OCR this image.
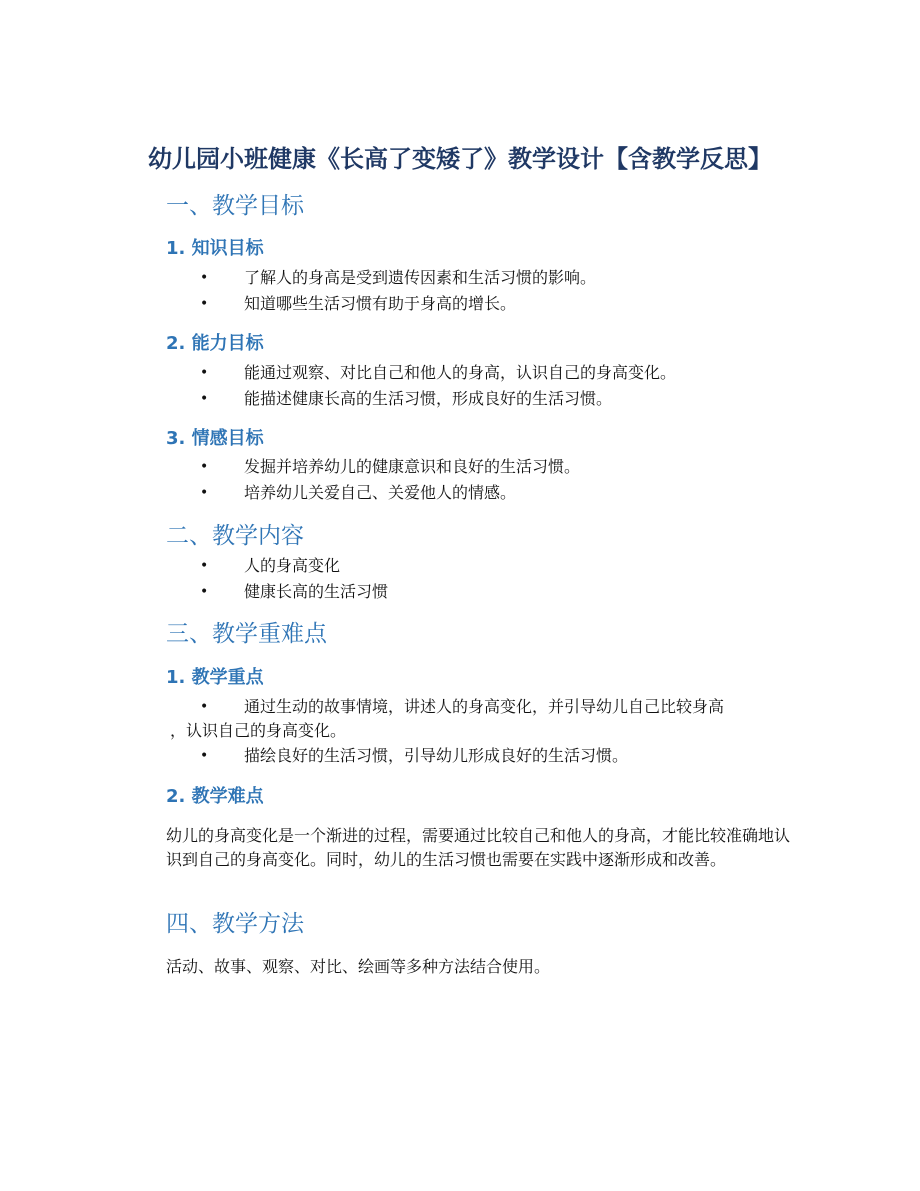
幼儿园小班健康《长高了变矮了》教学设计【含教学反思】
一、教学目标
1. 知识目标
•	了解人的身高是受到遗传因素和生活习惯的影响。
•	知道哪些生活习惯有助于身高的增长。
2. 能力目标
•	能通过观察、对比自己和他人的身高，认识自己的身高变化。
•	能描述健康长高的生活习惯，形成良好的生活习惯。
3. 情感目标
•	发掘并培养幼儿的健康意识和良好的生活习惯。
•	培养幼儿关爱自己、关爱他人的情感。
二、教学内容
•	人的身高变化
•	健康长高的生活习惯
三、教学重难点
1. 教学重点
•	通过生动的故事情境，讲述人的身高变化，并引导幼儿自己比较身高
，认识自己的身高变化。
•	描绘良好的生活习惯，引导幼儿形成良好的生活习惯。
2. 教学难点
幼儿的身高变化是一个渐进的过程，需要通过比较自己和他人的身高，才能比较准确地认识到自己的身高变化。同时，幼儿的生活习惯也需要在实践中逐渐形成和改善。
四、教学方法
活动、故事、观察、对比、绘画等多种方法结合使用。
